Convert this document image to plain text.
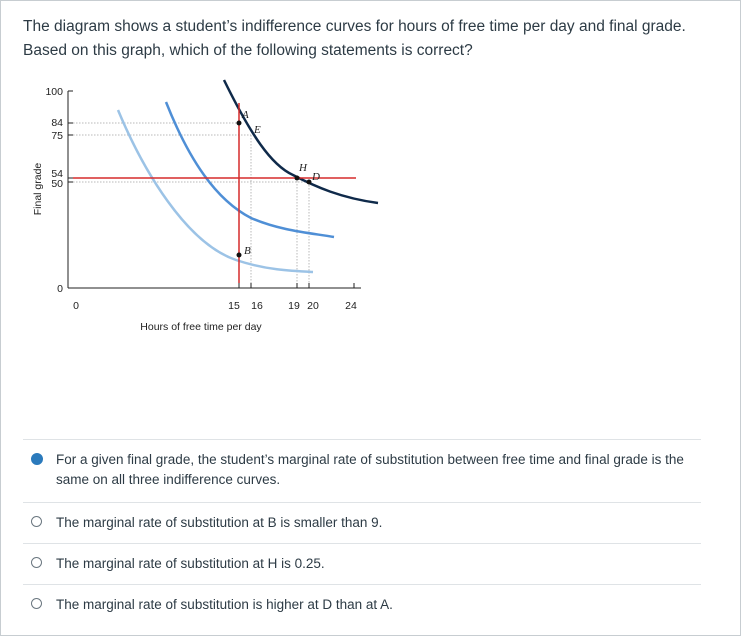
The diagram shows a student’s indifference curves for hours of free time per day and final grade. Based on this graph, which of the following statements is correct?
Final grade
Hours of free time per day
100
84
75
54
50
0
0	15 16 19 20	24
A
E
H
D
B
For a given final grade, the student’s marginal rate of substitution between free time and final grade is the same on all three indifference curves.
The marginal rate of substitution at B is smaller than 9.
The marginal rate of substitution at H is 0.25.
The marginal rate of substitution is higher at D than at A.
